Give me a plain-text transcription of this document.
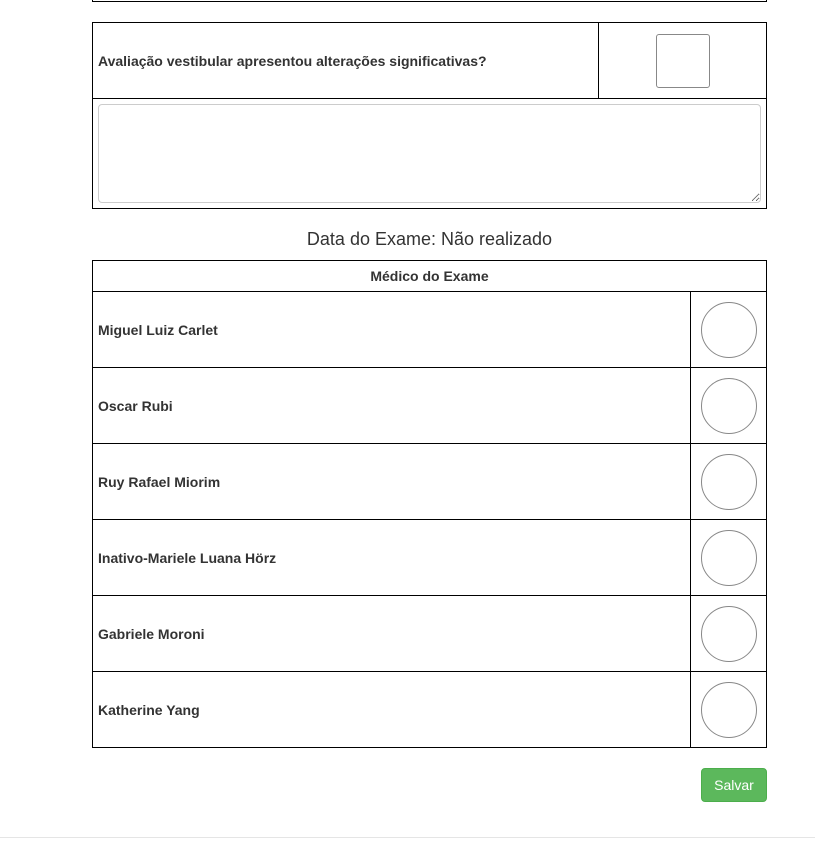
Avaliação vestibular apresentou alterações significativas?	

Data do Exame: Não realizado
Médico do Exame	
Miguel Luiz Carlet	
Oscar Rubi	
Ruy Rafael Miorim	
Inativo-Mariele Luana Hörz	
Gabriele Moroni	
Katherine Yang	
Salvar
